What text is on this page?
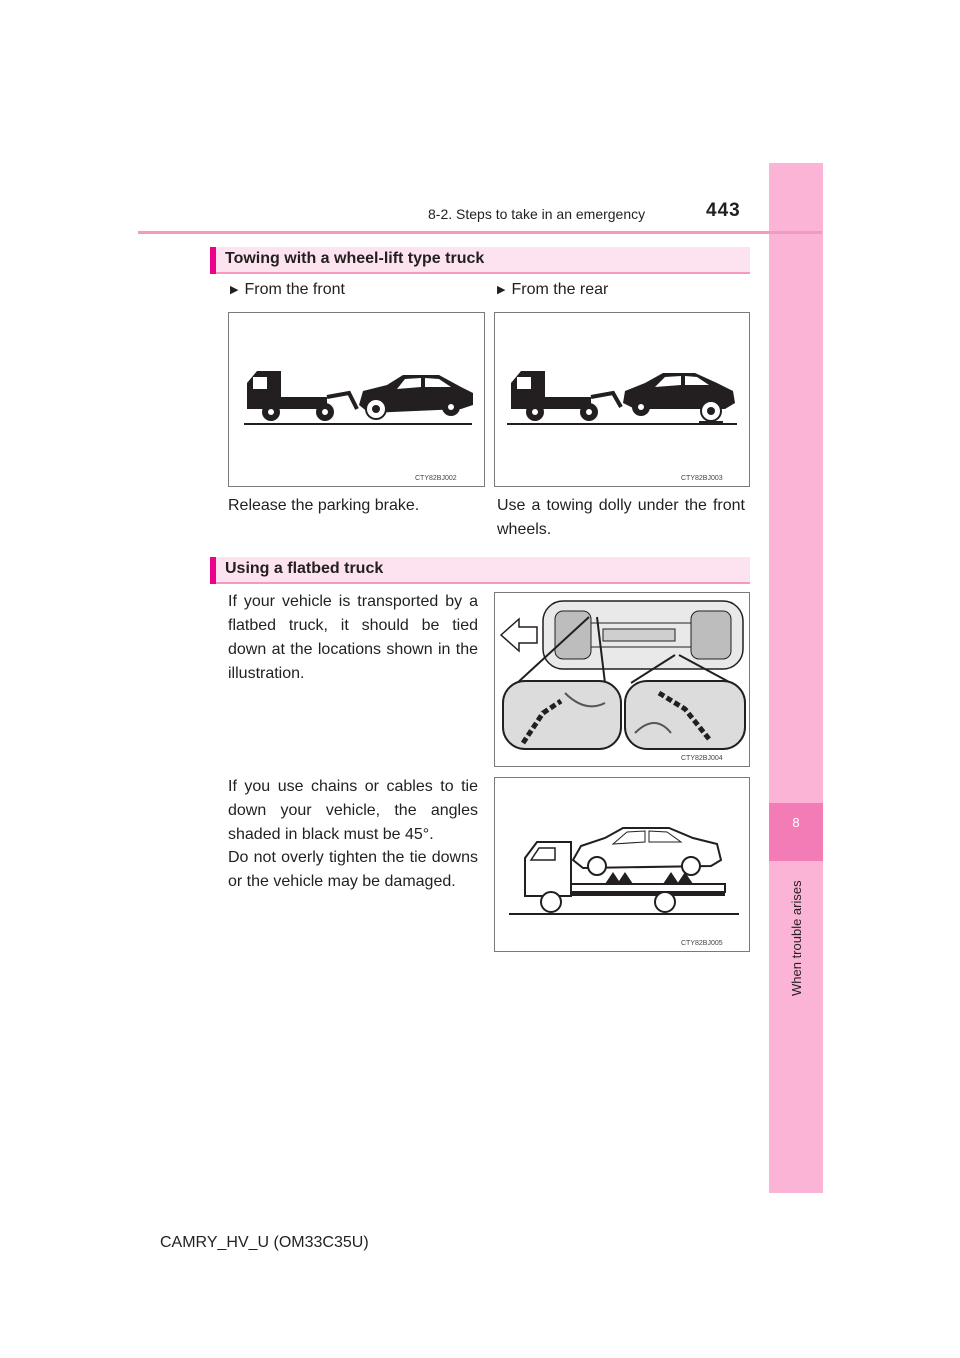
8
When trouble arises
8-2. Steps to take in an emergency	443
Towing with a wheel-lift type truck
▶ From the front	▶ From the rear
CTY82BJ002	CTY82BJ003
Release the parking brake.	Use a towing dolly under the front wheels.
Using a flatbed truck
If your vehicle is transported by a flatbed truck, it should be tied down at the locations shown in the illustration.
CTY82BJ004
If you use chains or cables to tie down your vehicle, the angles shaded in black must be 45°.
Do not overly tighten the tie downs or the vehicle may be damaged.
CTY82BJ005
CAMRY_HV_U (OM33C35U)
